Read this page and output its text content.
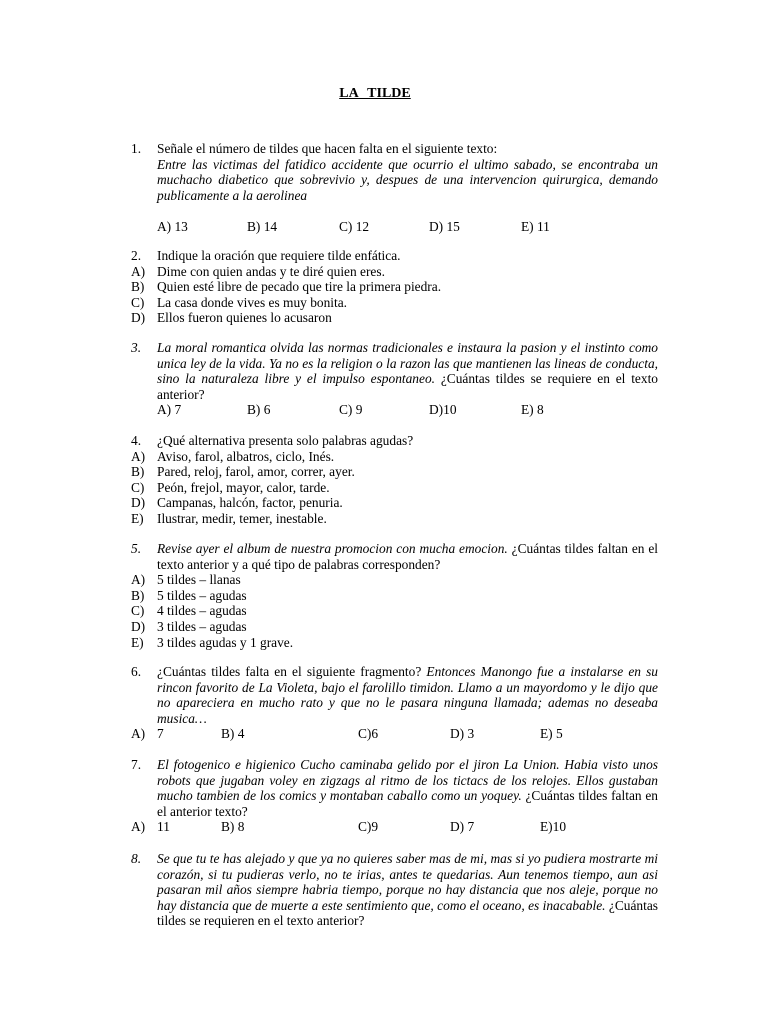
LA TILDE
1.	Señale el número de tildes que hacen falta en el siguiente texto:
Entre las victimas del fatidico accidente que ocurrio el ultimo sabado, se encontraba un muchacho diabetico que sobrevivio y, despues de una intervencion quirurgica, demando publicamente a la aerolinea
A) 13	B) 14	C) 12	D) 15	E) 11
2.	Indique la oración que requiere tilde enfática.
A) Dime con quien andas y te diré quien eres.
B) Quien esté libre de pecado que tire la primera piedra.
C) La casa donde vives es muy bonita.
D) Ellos fueron quienes lo acusaron
3.	La moral romantica olvida las normas tradicionales e instaura la pasion y el instinto como unica ley de la vida. Ya no es la religion o la razon las que mantienen las lineas de conducta, sino la naturaleza libre y el impulso espontaneo. ¿Cuántas tildes se requiere en el texto anterior?
A) 7	B) 6	C) 9	D)10	E) 8
4.	¿Qué alternativa presenta solo palabras agudas?
A) Aviso, farol, albatros, ciclo, Inés.
B) Pared, reloj, farol, amor, correr, ayer.
C) Peón, frejol, mayor, calor, tarde.
D) Campanas, halcón, factor, penuria.
E) Ilustrar, medir, temer, inestable.
5.	Revise ayer el album de nuestra promocion con mucha emocion. ¿Cuántas tildes faltan en el texto anterior y a qué tipo de palabras corresponden?
A) 5 tildes – llanas
B) 5 tildes – agudas
C) 4 tildes – agudas
D) 3 tildes – agudas
E) 3 tildes agudas y 1 grave.
6.	¿Cuántas tildes falta en el siguiente fragmento? Entonces Manongo fue a instalarse en su rincon favorito de La Violeta, bajo el farolillo timidon. Llamo a un mayordomo y le dijo que no apareciera en mucho rato y que no le pasara ninguna llamada; ademas no deseaba musica…
A) 7	B) 4	C)6	D) 3	E) 5
7.	El fotogenico e higienico Cucho caminaba gelido por el jiron La Union. Habia visto unos robots que jugaban voley en zigzags al ritmo de los tictacs de los relojes. Ellos gustaban mucho tambien de los comics y montaban caballo como un yoquey. ¿Cuántas tildes faltan en el anterior texto?
A) 11	B) 8	C)9	D) 7	E)10
8.	Se que tu te has alejado y que ya no quieres saber mas de mi, mas si yo pudiera mostrarte mi corazón, si tu pudieras verlo, no te irias, antes te quedarias. Aun tenemos tiempo, aun asi pasaran mil años siempre habria tiempo, porque no hay distancia que nos aleje, porque no hay distancia que de muerte a este sentimiento que, como el oceano, es inacabable. ¿Cuántas tildes se requieren en el texto anterior?
